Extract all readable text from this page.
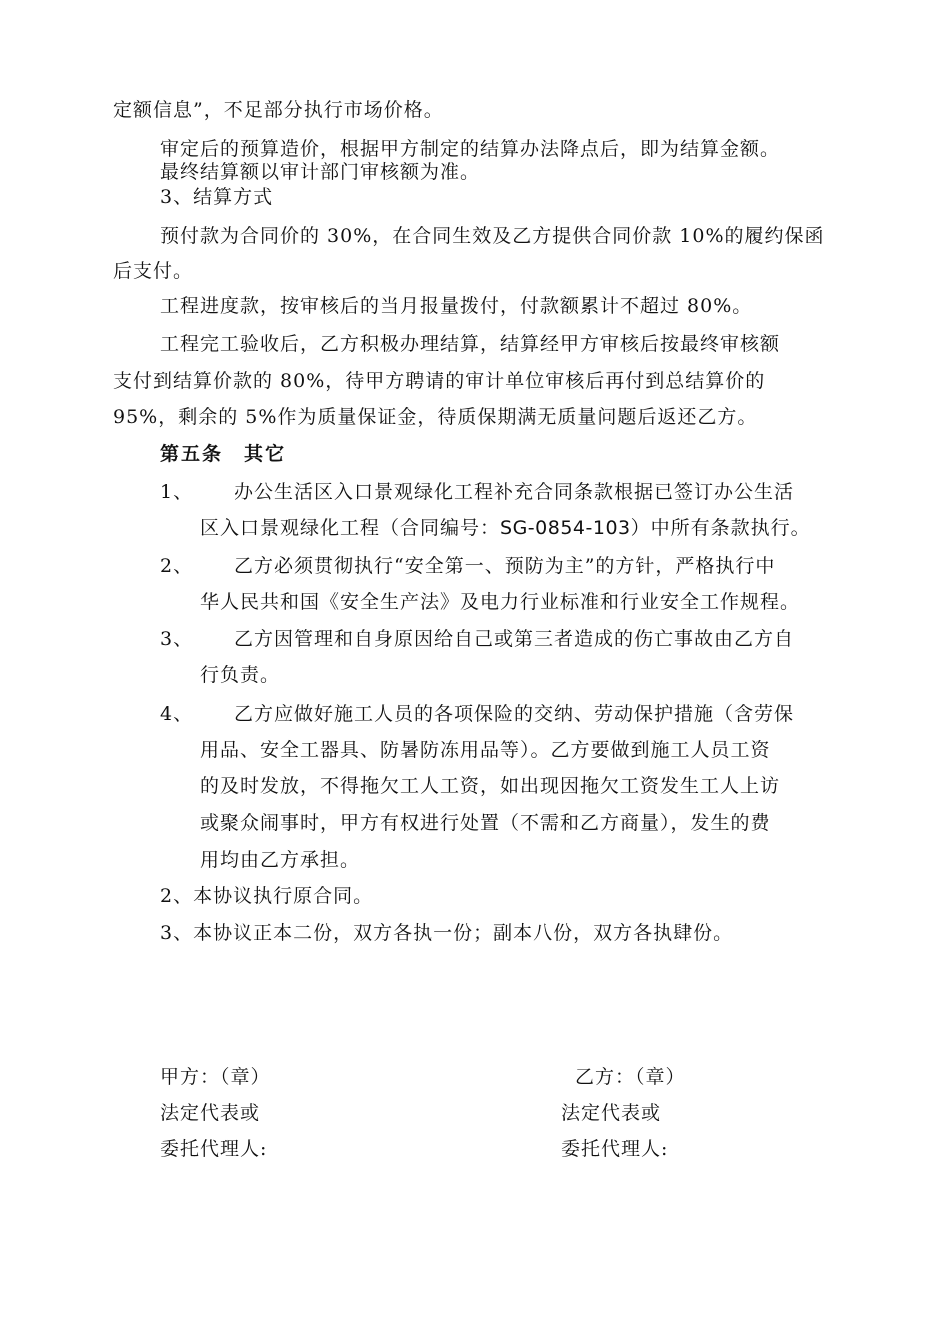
定额信息”，不足部分执行市场价格。
审定后的预算造价，根据甲方制定的结算办法降点后，即为结算金额。
最终结算额以审计部门审核额为准。
3、结算方式
预付款为合同价的 30%，在合同生效及乙方提供合同价款 10%的履约保函
后支付。
工程进度款，按审核后的当月报量拨付，付款额累计不超过 80%。
工程完工验收后，乙方积极办理结算，结算经甲方审核后按最终审核额
支付到结算价款的 80%，待甲方聘请的审计单位审核后再付到总结算价的
95%，剩余的 5%作为质量保证金，待质保期满无质量问题后返还乙方。
第五条　其它
1、 办公生活区入口景观绿化工程补充合同条款根据已签订办公生活
区入口景观绿化工程（合同编号：SG-0854-103）中所有条款执行。
2、 乙方必须贯彻执行“安全第一、预防为主”的方针，严格执行中
华人民共和国《安全生产法》及电力行业标准和行业安全工作规程。
3、 乙方因管理和自身原因给自己或第三者造成的伤亡事故由乙方自
行负责。
4、 乙方应做好施工人员的各项保险的交纳、劳动保护措施（含劳保
用品、安全工器具、防暑防冻用品等）。乙方要做到施工人员工资
的及时发放，不得拖欠工人工资，如出现因拖欠工资发生工人上访
或聚众闹事时，甲方有权进行处置（不需和乙方商量），发生的费
用均由乙方承担。
2、本协议执行原合同。
3、本协议正本二份，双方各执一份；副本八份，双方各执肆份。
甲方：（章）
法定代表或
委托代理人:
乙方：（章）
法定代表或
委托代理人:
